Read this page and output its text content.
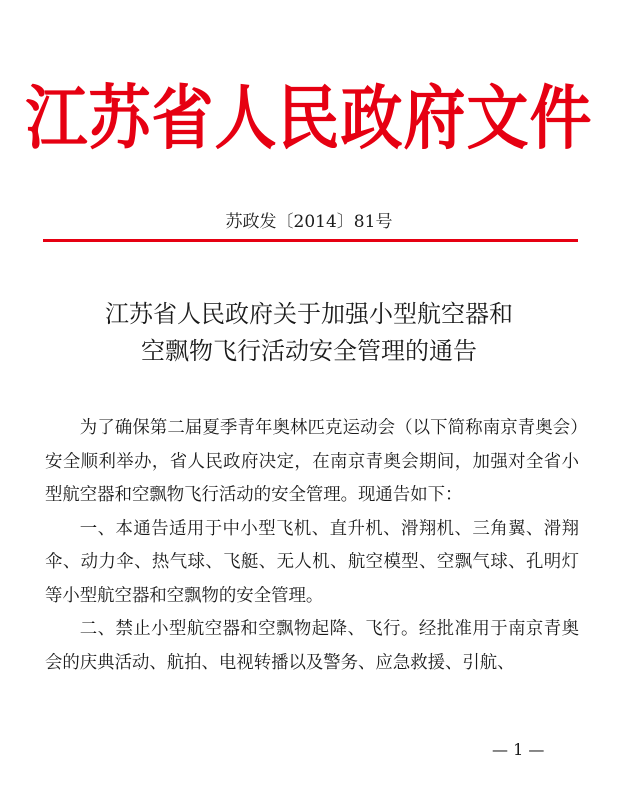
江苏省人民政府文件
苏政发〔2014〕81号
江苏省人民政府关于加强小型航空器和
空飘物飞行活动安全管理的通告

为了确保第二届夏季青年奥林匹克运动会（以下简称南京青奥会）安全顺利举办，省人民政府决定，在南京青奥会期间，加强对全省小型航空器和空飘物飞行活动的安全管理。现通告如下：

一、本通告适用于中小型飞机、直升机、滑翔机、三角翼、滑翔伞、动力伞、热气球、飞艇、无人机、航空模型、空飘气球、孔明灯等小型航空器和空飘物的安全管理。

二、禁止小型航空器和空飘物起降、飞行。经批准用于南京青奥会的庆典活动、航拍、电视转播以及警务、应急救援、引航、

— 1 —
